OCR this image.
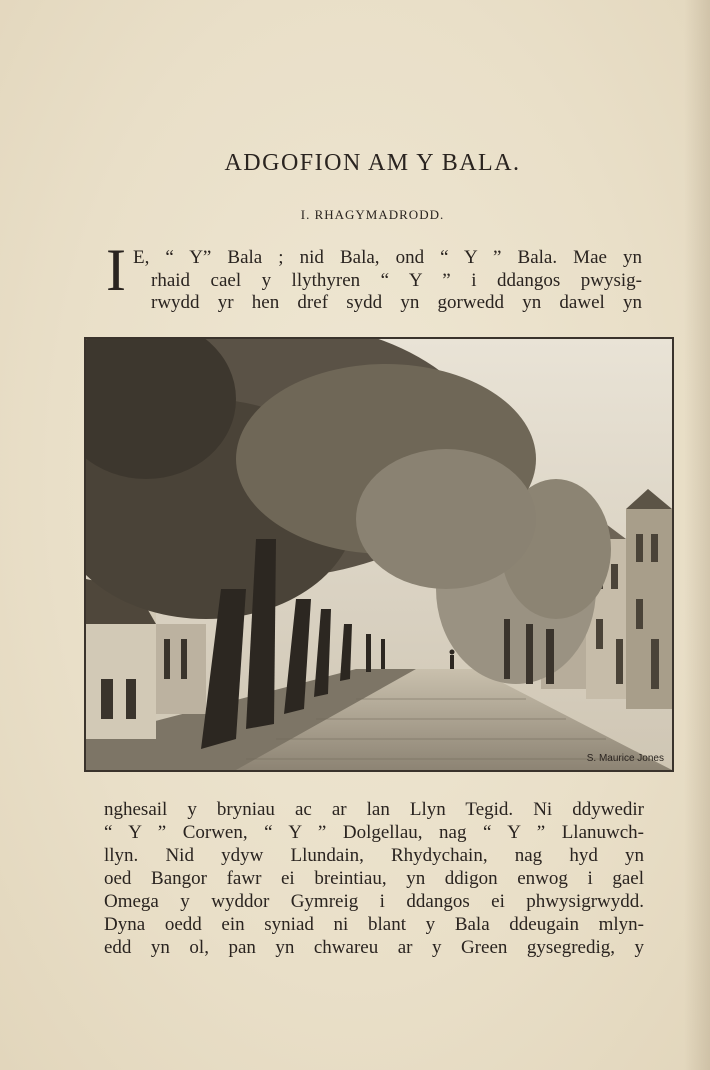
ADGOFION AM Y BALA.
I. RHAGYMADRODD.
I E, “ Y” Bala ; nid Bala, ond “ Y ” Bala. Mae yn
rhaid cael y llythyren “ Y ” i ddangos pwysig-
rwydd yr hen dref sydd yn gorwedd yn dawel yn
S. Maurice Jones
nghesail y bryniau ac ar lan Llyn Tegid. Ni ddywedir
“ Y ” Corwen, “ Y ” Dolgellau, nag “ Y ” Llanuwch-
llyn. Nid ydyw Llundain, Rhydychain, nag hyd yn
oed Bangor fawr ei breintiau, yn ddigon enwog i gael
Omega y wyddor Gymreig i ddangos ei phwysigrwydd.
Dyna oedd ein syniad ni blant y Bala ddeugain mlyn-
edd yn ol, pan yn chwareu ar y Green gysegredig, y
